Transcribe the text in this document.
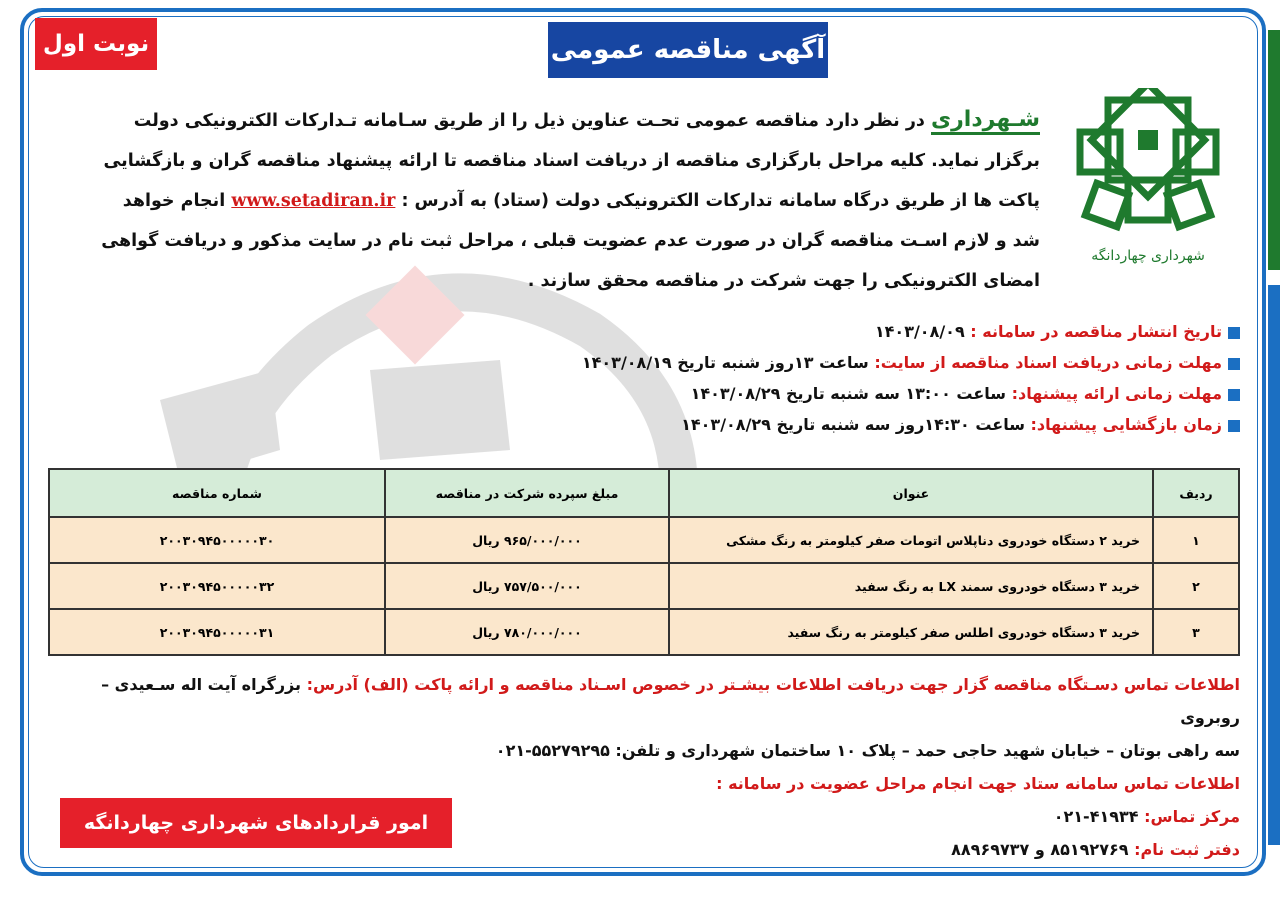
نوبت اول	آگهی مناقصه عمومی
شهرداری چهاردانگه
شـهرداری در نظر دارد مناقصه عمومی تحـت عناوین ذیل را از طریق سـامانه تـدارکات الکترونیکی دولت
برگزار نماید. کلیه مراحل بارگزاری مناقصه از دریافت اسناد مناقصه تا ارائه پیشنهاد مناقصه گران و بازگشایی
پاکت ها از طریق درگاه سامانه تدارکات الکترونیکی دولت (ستاد) به آدرس : www.setadiran.ir انجام خواهد
شد و لازم اسـت مناقصه گران در صورت عدم عضویت قبلی ، مراحل ثبت نام در سایت مذکور و دریافت گواهی
امضای الکترونیکی را جهت شرکت در مناقصه محقق سازند .
تاریخ انتشار مناقصه در سامانه : ۱۴۰۳/۰۸/۰۹
مهلت زمانی دریافت اسناد مناقصه از سایت: ساعت ۱۳روز شنبه تاریخ ۱۴۰۳/۰۸/۱۹
مهلت زمانی ارائه پیشنهاد: ساعت ۱۳:۰۰ سه شنبه تاریخ ۱۴۰۳/۰۸/۲۹
زمان بازگشایی پیشنهاد: ساعت ۱۴:۳۰روز سه شنبه تاریخ ۱۴۰۳/۰۸/۲۹
ردیف	عنوان	مبلغ سپرده شرکت در مناقصه	شماره مناقصه
۱	خرید ۲ دستگاه خودروی دناپلاس اتومات صفر کیلومتر به رنگ مشکی	۹۶۵/۰۰۰/۰۰۰ ریال	۲۰۰۳۰۹۴۵۰۰۰۰۰۳۰
۲	خرید ۳ دستگاه خودروی سمند LX به رنگ سفید	۷۵۷/۵۰۰/۰۰۰ ریال	۲۰۰۳۰۹۴۵۰۰۰۰۰۳۲
۳	خرید ۳ دستگاه خودروی اطلس صفر کیلومتر به رنگ سفید	۷۸۰/۰۰۰/۰۰۰ ریال	۲۰۰۳۰۹۴۵۰۰۰۰۰۳۱
اطلاعات تماس دسـتگاه مناقصه گزار جهت دریافت اطلاعات بیشـتر در خصوص اسـناد مناقصه و ارائه پاکت (الف) آدرس: بزرگراه آیت اله سـعیدی – روبروی
سه راهی بوتان – خیابان شهید حاجی حمد – پلاک ۱۰ ساختمان شهرداری و تلفن: ۵۵۲۷۹۲۹۵-۰۲۱
اطلاعات تماس سامانه ستاد جهت انجام مراحل عضویت در سامانه :
مرکز تماس: ۴۱۹۳۴-۰۲۱
دفتر ثبت نام: ۸۵۱۹۲۷۶۹ و ۸۸۹۶۹۷۳۷
امور قراردادهای شهرداری چهاردانگه
